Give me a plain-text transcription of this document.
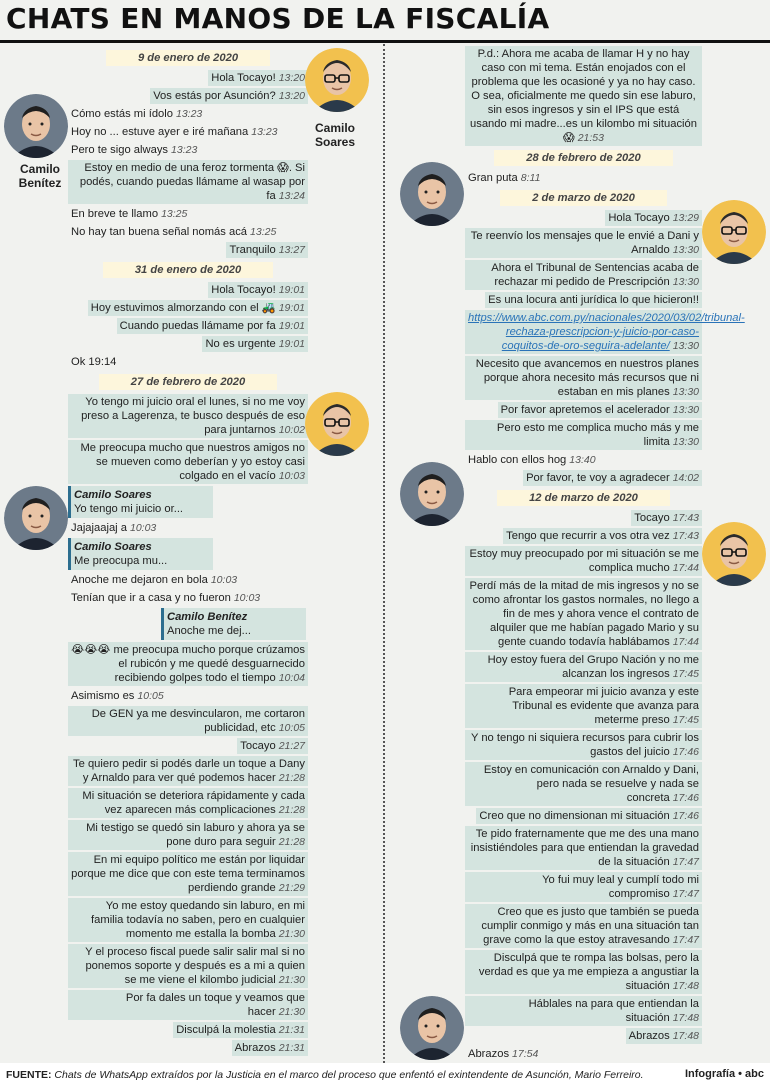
CHATS EN MANOS DE LA FISCALÍA
9 de enero de 2020
Hola Tocayo! 13:20
Vos estás por Asunción? 13:20
Cómo estás mi ídolo 13:23
Hoy no ... estuve ayer e iré mañana 13:23
Pero te sigo always 13:23
Estoy en medio de una feroz tormenta 😱. Si podés, cuando puedas llámame al wasap por fa 13:24
En breve te llamo 13:25
No hay tan buena señal nomás acá 13:25
Tranquilo 13:27
31 de enero de 2020
Hola Tocayo! 19:01
Hoy estuvimos almorzando con el 🚜 19:01
Cuando puedas llámame por fa 19:01
No es urgente 19:01
Ok 19:14
27 de febrero de 2020
Yo tengo mi juicio oral el lunes, si no me voy preso a Lagerenza, te busco después de eso para juntarnos 10:02
Me preocupa mucho que nuestros amigos no se mueven como deberían y yo estoy casi colgado en el vacío 10:03
Camilo Soares
Yo tengo mi juicio or...
Jajajaajaj a 10:03
Camilo Soares
Me preocupa mu...
Anoche me dejaron en bola 10:03
Tenían que ir a casa y no fueron 10:03
Camilo Benítez
Anoche me dej...
😭😭😭 me preocupa mucho porque crúzamos el rubicón y me quedé desguarnecido recibiendo golpes todo el tiempo 10:04
Asimismo es 10:05
De GEN ya me desvincularon, me cortaron publicidad, etc 10:05
Tocayo 21:27
Te quiero pedir si podés darle un toque a Dany y Arnaldo para ver qué podemos hacer 21:28
Mi situación se deteriora rápidamente y cada vez aparecen más complicaciones 21:28
Mi testigo se quedó sin laburo y ahora ya se pone duro para seguir 21:28
En mi equipo político me están por liquidar porque me dice que con este tema terminamos perdiendo grande 21:29
Yo me estoy quedando sin laburo, en mi familia todavía no saben, pero en cualquier momento me estalla la bomba 21:30
Y el proceso fiscal puede salir salir mal si no ponemos soporte y después es a mi a quien se me viene el kilombo judicial 21:30
Por fa dales un toque y veamos que hacer 21:30
Disculpá la molestia 21:31
Abrazos 21:31
P.d.: Ahora me acaba de llamar H y no hay caso con mi tema. Están enojados con el problema que les ocasioné y ya no hay caso. O sea, oficialmente me quedo sin ese laburo, sin esos ingresos y sin el IPS que está usando mi madre...es un kilombo mi situación 😱 21:53
28 de febrero de 2020
Gran puta 8:11
2 de marzo de 2020
Hola Tocayo 13:29
Te reenvío los mensajes que le envié a Dani y Arnaldo 13:30
Ahora el Tribunal de Sentencias acaba de rechazar mi pedido de Prescripción 13:30
Es una locura anti jurídica lo que hicieron!!
https://www.abc.com.py/nacionales/2020/03/02/tribunal-rechaza-prescripcion-y-juicio-por-caso-coquitos-de-oro-seguira-adelante/ 13:30
Necesito que avancemos en nuestros planes porque ahora necesito más recursos que ni estaban en mis planes 13:30
Por favor apretemos el acelerador 13:30
Pero esto me complica mucho más y me limita 13:30
Hablo con ellos hog 13:40
Por favor, te voy a agradecer 14:02
12 de marzo de 2020
Tocayo 17:43
Tengo que recurrir a vos otra vez 17:43
Estoy muy preocupado por mi situación se me complica mucho 17:44
Perdí más de la mitad de mis ingresos y no se como afrontar los gastos normales, no llego a fin de mes y ahora vence el contrato de alquiler que me habían pagado Mario y su gente cuando todavía hablábamos 17:44
Hoy estoy fuera del Grupo Nación y no me alcanzan los ingresos 17:45
Para empeorar mi juicio avanza y este Tribunal es evidente que avanza para meterme preso 17:45
Y no tengo ni siquiera recursos para cubrir los gastos del juicio 17:46
Estoy en comunicación con Arnaldo y Dani, pero nada se resuelve y nada se concreta 17:46
Creo que no dimensionan mi situación 17:46
Te pido fraternamente que me des una mano insistiéndoles para que entiendan la gravedad de la situación 17:47
Yo fui muy leal y cumplí todo mi compromiso 17:47
Creo que es justo que también se pueda cumplir conmigo y más en una situación tan grave como la que estoy atravesando 17:47
Disculpá que te rompa las bolsas, pero la verdad es que ya me empieza a angustiar la situación 17:48
Háblales na para que entiendan la situación 17:48
Abrazos 17:48
Abrazos 17:54
Camilo Soares
Camilo Benítez
FUENTE: Chats de WhatsApp extraídos por la Justicia en el marco del proceso que enfentó el exintendente de Asunción, Mario Ferreiro.	Infografía • abc
